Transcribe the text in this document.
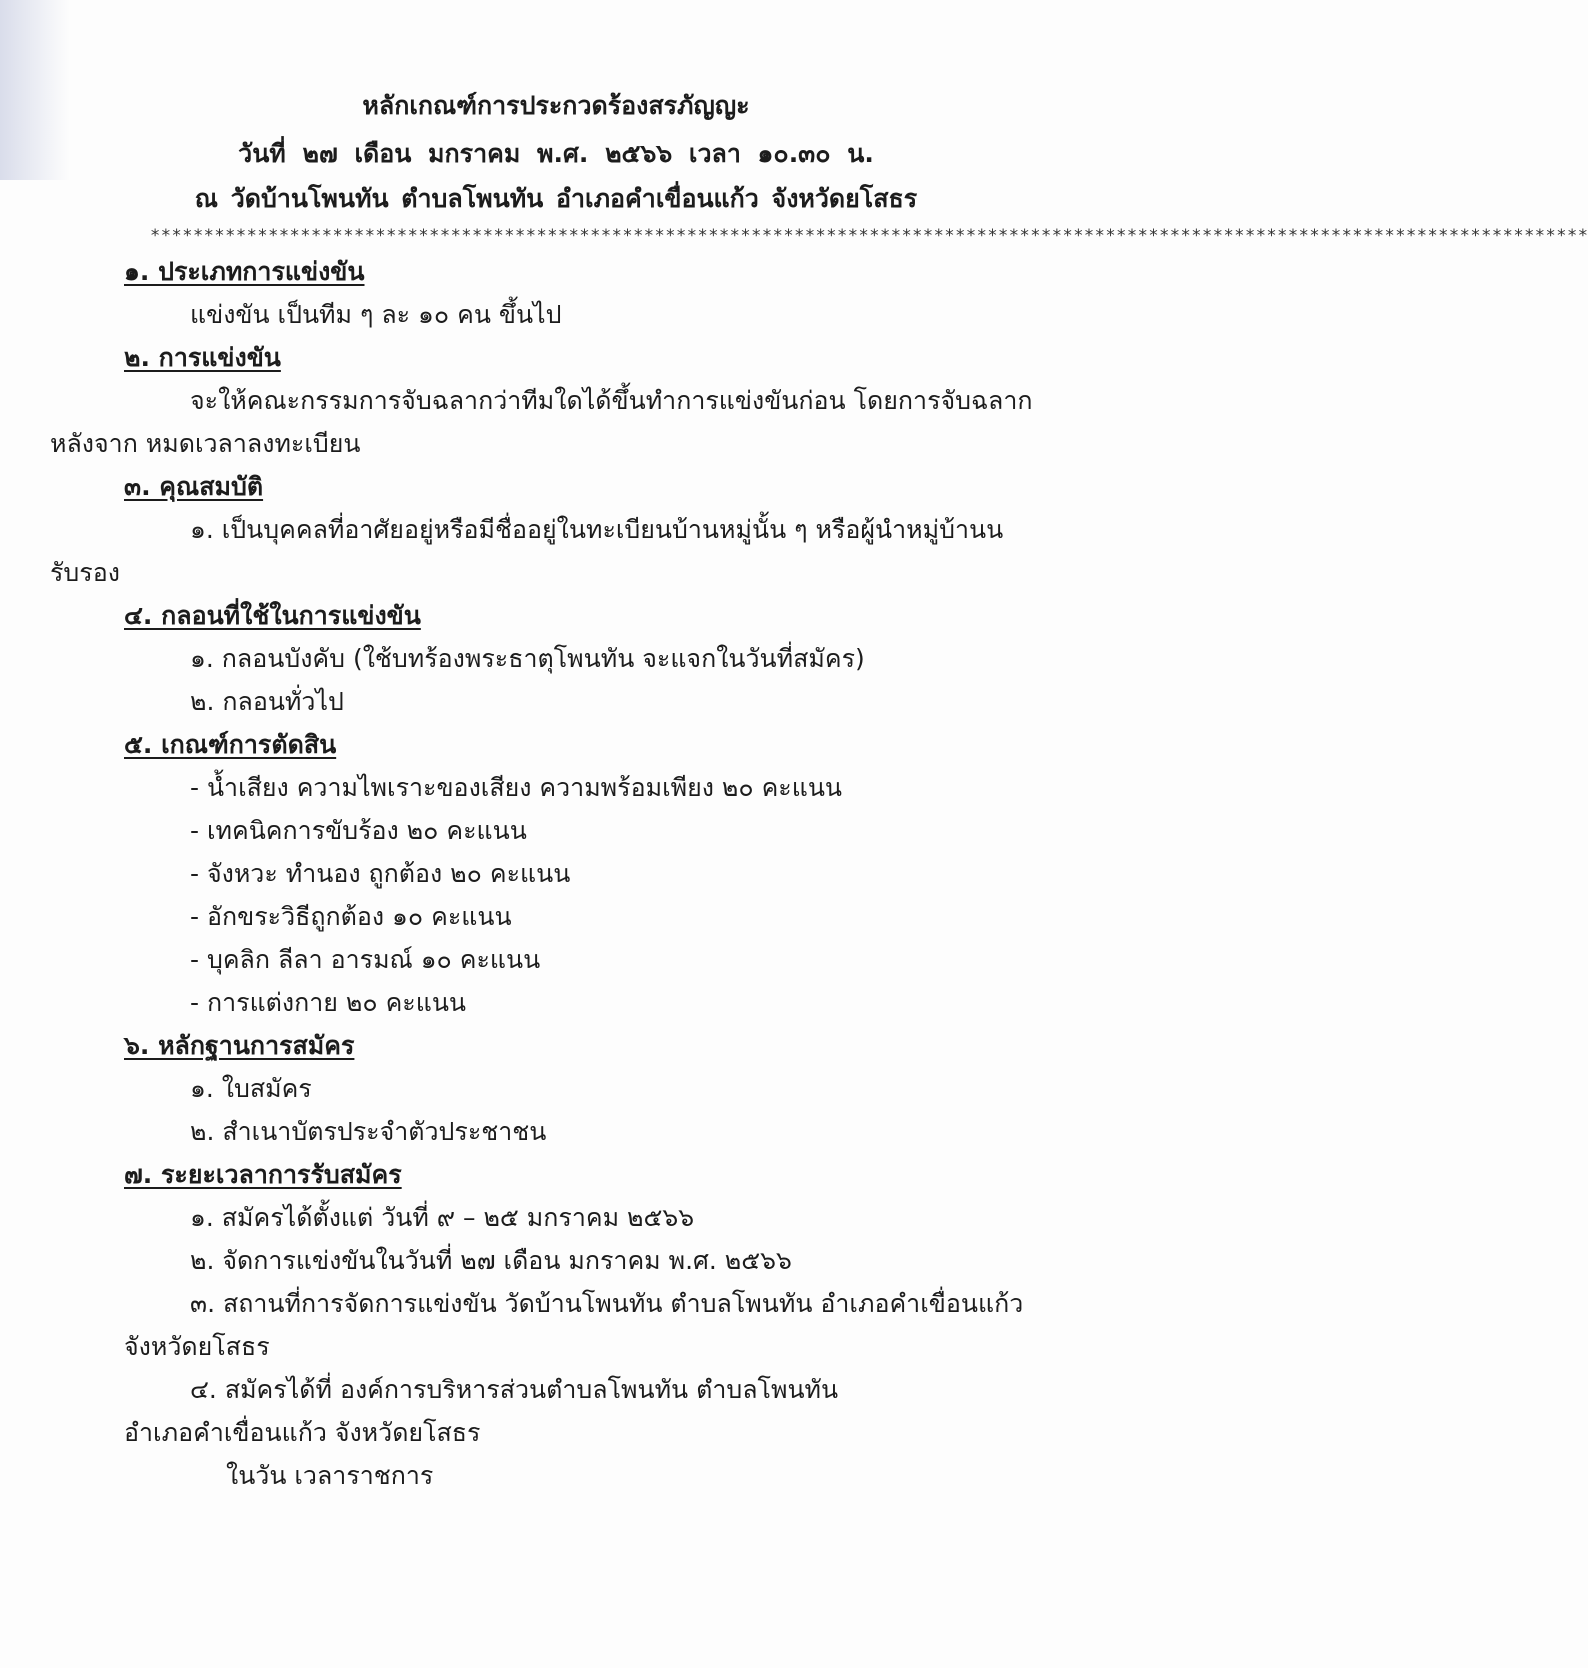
หลักเกณฑ์การประกวดร้องสรภัญญะ
วันที่ ๒๗ เดือน มกราคม พ.ศ. ๒๕๖๖ เวลา ๑๐.๓๐ น.
ณ วัดบ้านโพนทัน ตำบลโพนทัน อำเภอคำเขื่อนแก้ว จังหวัดยโสธร
**************************************************************************************************************************************
๑. ประเภทการแข่งขัน
แข่งขัน เป็นทีม ๆ ละ ๑๐ คน ขึ้นไป
๒. การแข่งขัน
จะให้คณะกรรมการจับฉลากว่าทีมใดได้ขึ้นทำการแข่งขันก่อน โดยการจับฉลาก
หลังจาก หมดเวลาลงทะเบียน
๓. คุณสมบัติ
๑. เป็นบุคคลที่อาศัยอยู่หรือมีชื่ออยู่ในทะเบียนบ้านหมู่นั้น ๆ หรือผู้นำหมู่บ้านน
รับรอง
๔. กลอนที่ใช้ในการแข่งขัน
๑. กลอนบังคับ (ใช้บทร้องพระธาตุโพนทัน จะแจกในวันที่สมัคร)
๒. กลอนทั่วไป
๕. เกณฑ์การตัดสิน
- น้ำเสียง ความไพเราะของเสียง ความพร้อมเพียง ๒๐ คะแนน
- เทคนิคการขับร้อง ๒๐ คะแนน
- จังหวะ ทำนอง ถูกต้อง ๒๐ คะแนน
- อักขระวิธีถูกต้อง ๑๐ คะแนน
- บุคลิก ลีลา อารมณ์ ๑๐ คะแนน
- การแต่งกาย ๒๐ คะแนน
๖. หลักฐานการสมัคร
๑. ใบสมัคร
๒. สำเนาบัตรประจำตัวประชาชน
๗. ระยะเวลาการรับสมัคร
๑. สมัครได้ตั้งแต่ วันที่ ๙ – ๒๕ มกราคม ๒๕๖๖
๒. จัดการแข่งขันในวันที่ ๒๗ เดือน มกราคม พ.ศ. ๒๕๖๖
๓. สถานที่การจัดการแข่งขัน วัดบ้านโพนทัน ตำบลโพนทัน อำเภอคำเขื่อนแก้ว
จังหวัดยโสธร
๔. สมัครได้ที่ องค์การบริหารส่วนตำบลโพนทัน ตำบลโพนทัน
อำเภอคำเขื่อนแก้ว จังหวัดยโสธร
ในวัน เวลาราชการ
